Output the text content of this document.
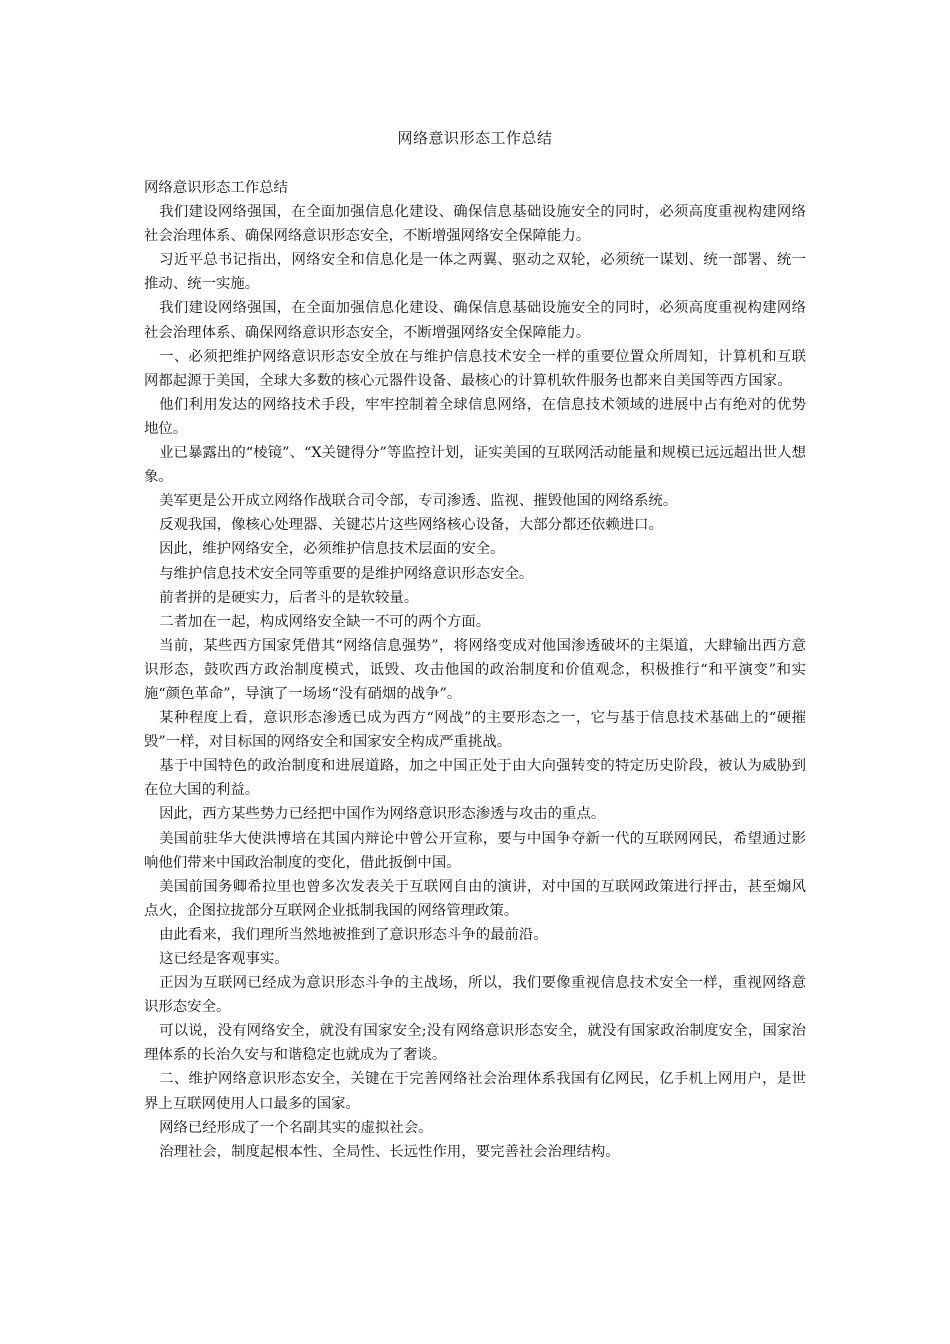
网络意识形态工作总结

网络意识形态工作总结

我们建设网络强国，在全面加强信息化建设、确保信息基础设施安全的同时，必须高度重视构建网络社会治理体系、确保网络意识形态安全，不断增强网络安全保障能力。

习近平总书记指出，网络安全和信息化是一体之两翼、驱动之双轮，必须统一谋划、统一部署、统一推动、统一实施。

我们建设网络强国，在全面加强信息化建设、确保信息基础设施安全的同时，必须高度重视构建网络社会治理体系、确保网络意识形态安全，不断增强网络安全保障能力。

一、必须把维护网络意识形态安全放在与维护信息技术安全一样的重要位置众所周知，计算机和互联网都起源于美国，全球大多数的核心元器件设备、最核心的计算机软件服务也都来自美国等西方国家。

他们利用发达的网络技术手段，牢牢控制着全球信息网络，在信息技术领域的进展中占有绝对的优势地位。

业已暴露出的“棱镜”、“X关键得分”等监控计划，证实美国的互联网活动能量和规模已远远超出世人想象。

美军更是公开成立网络作战联合司令部，专司渗透、监视、摧毁他国的网络系统。

反观我国，像核心处理器、关键芯片这些网络核心设备，大部分都还依赖进口。

因此，维护网络安全，必须维护信息技术层面的安全。

与维护信息技术安全同等重要的是维护网络意识形态安全。

前者拼的是硬实力，后者斗的是软较量。

二者加在一起，构成网络安全缺一不可的两个方面。

当前，某些西方国家凭借其“网络信息强势”，将网络变成对他国渗透破坏的主渠道，大肆输出西方意识形态，鼓吹西方政治制度模式，诋毁、攻击他国的政治制度和价值观念，积极推行“和平演变”和实施“颜色革命”，导演了一场场“没有硝烟的战争”。

某种程度上看，意识形态渗透已成为西方“网战”的主要形态之一，它与基于信息技术基础上的“硬摧毁”一样，对目标国的网络安全和国家安全构成严重挑战。

基于中国特色的政治制度和进展道路，加之中国正处于由大向强转变的特定历史阶段，被认为威胁到在位大国的利益。

因此，西方某些势力已经把中国作为网络意识形态渗透与攻击的重点。

美国前驻华大使洪博培在其国内辩论中曾公开宣称，要与中国争夺新一代的互联网网民，希望通过影响他们带来中国政治制度的变化，借此扳倒中国。

美国前国务卿希拉里也曾多次发表关于互联网自由的演讲，对中国的互联网政策进行抨击，甚至煽风点火，企图拉拢部分互联网企业抵制我国的网络管理政策。

由此看来，我们理所当然地被推到了意识形态斗争的最前沿。

这已经是客观事实。

正因为互联网已经成为意识形态斗争的主战场，所以，我们要像重视信息技术安全一样，重视网络意识形态安全。

可以说，没有网络安全，就没有国家安全;没有网络意识形态安全，就没有国家政治制度安全，国家治理体系的长治久安与和谐稳定也就成为了奢谈。

二、维护网络意识形态安全，关键在于完善网络社会治理体系我国有亿网民，亿手机上网用户，是世界上互联网使用人口最多的国家。

网络已经形成了一个名副其实的虚拟社会。

治理社会，制度起根本性、全局性、长远性作用，要完善社会治理结构。
